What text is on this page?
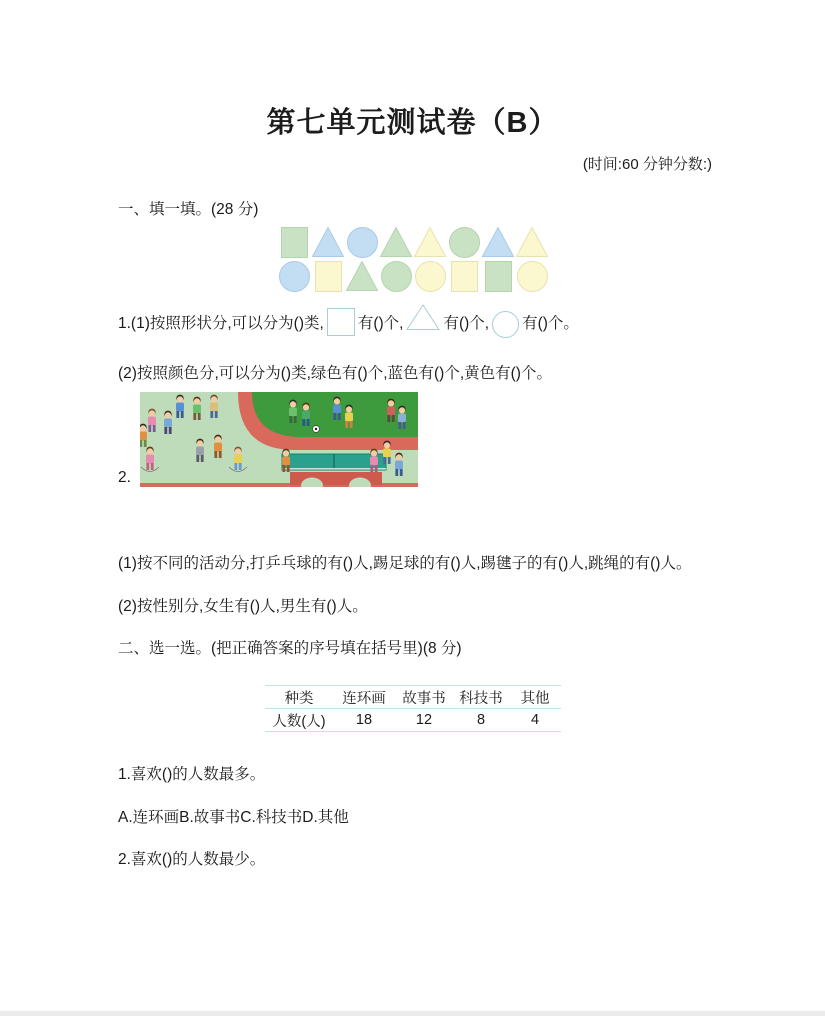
第七单元测试卷（B）
(时间:60 分钟分数:)
一、填一填。(28 分)

1.(1)按照形状分,可以分为()类, 有()个,	有()个, 有()个。

(2)按照颜色分,可以分为()类,绿色有()个,蓝色有()个,黄色有()个。

2.

(1)按不同的活动分,打乒乓球的有()人,踢足球的有()人,踢毽子的有()人,跳绳的有()人。

(2)按性别分,女生有()人,男生有()人。

二、选一选。(把正确答案的序号填在括号里)(8 分)
种类	连环画	故事书	科技书	其他
人数(人)	18	12	8	4

1.喜欢()的人数最多。

A.连环画B.故事书C.科技书D.其他

2.喜欢()的人数最少。
